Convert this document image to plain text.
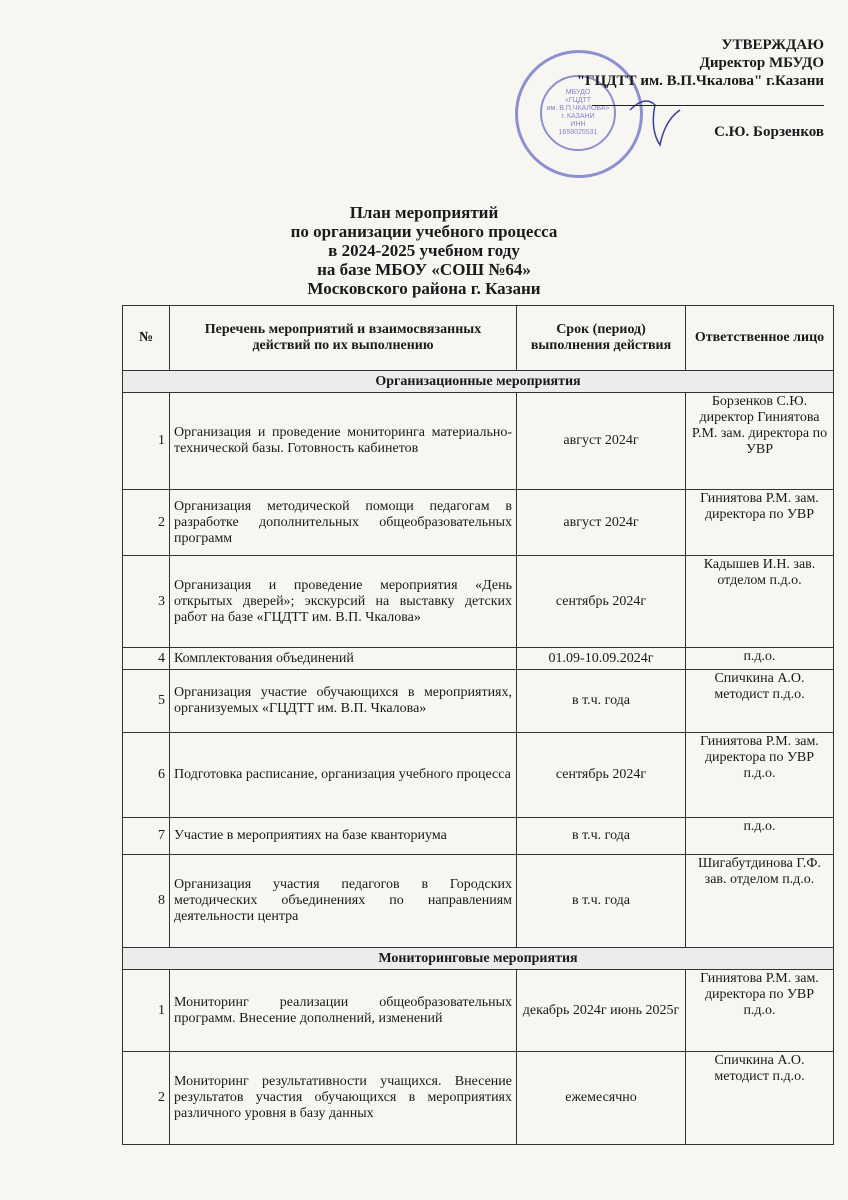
МБУДО
«ГЦДТТ
им. В.П.ЧКАЛОВА»
г. КАЗАНИ
ИНН
1658025531
УТВЕРЖДАЮ
Директор МБУДО
"ГЦДТТ им. В.П.Чкалова" г.Казани
С.Ю. Борзенков
План мероприятий
по организации учебного процесса
в 2024-2025 учебном году
на базе МБОУ «СОШ №64»
Московского района г. Казани
№	Перечень мероприятий и взаимосвязанных действий по их выполнению	Срок (период) выполнения действия	Ответственное лицо
Организационные мероприятия			
1	Организация и проведение мониторинга материально-технической базы. Готовность кабинетов	август 2024г	Борзенков С.Ю. директор Гиниятова Р.М. зам. директора по УВР
2	Организация методической помощи педагогам в разработке дополнительных общеобразовательных программ	август 2024г	Гиниятова Р.М. зам. директора по УВР
3	Организация и проведение мероприятия «День открытых дверей»; экскурсий на выставку детских работ на базе «ГЦДТТ им. В.П. Чкалова»	сентябрь 2024г	Кадышев И.Н. зав. отделом п.д.о.
4	Комплектования объединений	01.09-10.09.2024г	п.д.о.
5	Организация участие обучающихся в мероприятиях, организуемых «ГЦДТТ им. В.П. Чкалова»	в т.ч. года	Спичкина А.О. методист п.д.о.
6	Подготовка расписание, организация учебного процесса	сентябрь 2024г	Гиниятова Р.М. зам. директора по УВР п.д.о.
7	Участие в мероприятиях на базе кванториума	в т.ч. года	п.д.о.
8	Организация участия педагогов в Городских методических объединениях по направлениям деятельности центра	в т.ч. года	Шигабутдинова Г.Ф. зав. отделом п.д.о.
Мониторинговые мероприятия			
1	Мониторинг реализации общеобразовательных программ. Внесение дополнений, изменений	декабрь 2024г июнь 2025г	Гиниятова Р.М. зам. директора по УВР п.д.о.
2	Мониторинг результативности учащихся. Внесение результатов участия обучающихся в мероприятиях различного уровня в базу данных	ежемесячно	Спичкина А.О. методист п.д.о.
